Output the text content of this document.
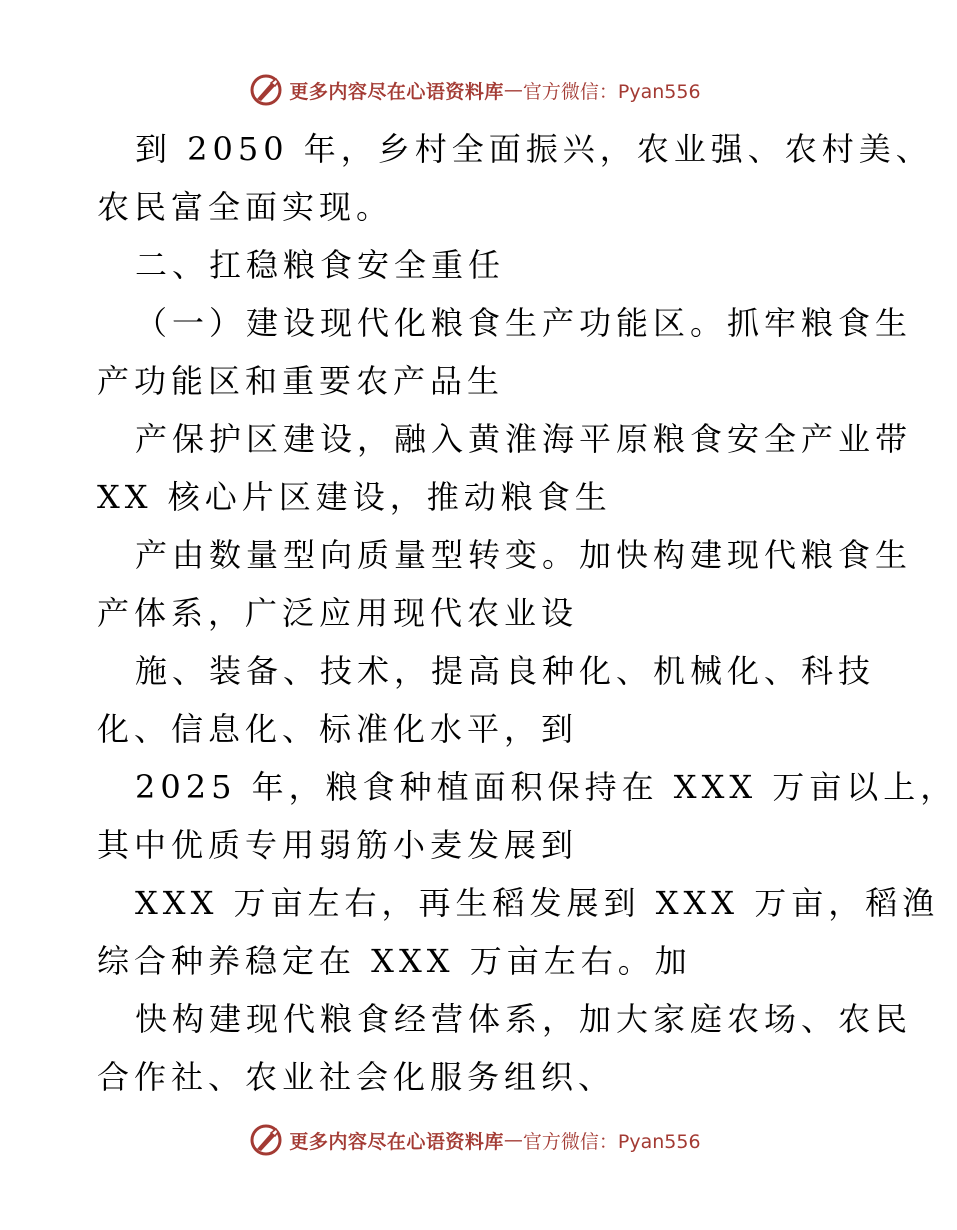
更多内容尽在心语资料库 — 官方微信：Pyan556
到 2050 年，乡村全面振兴，农业强、农村美、
农民富全面实现。
二、扛稳粮食安全重任
（一）建设现代化粮食生产功能区。抓牢粮食生
产功能区和重要农产品生
产保护区建设，融入黄淮海平原粮食安全产业带
XX 核心片区建设，推动粮食生
产由数量型向质量型转变。加快构建现代粮食生
产体系，广泛应用现代农业设
施、装备、技术，提高良种化、机械化、科技
化、信息化、标准化水平，到
2025 年，粮食种植面积保持在 XXX 万亩以上，
其中优质专用弱筋小麦发展到
XXX 万亩左右，再生稻发展到 XXX 万亩，稻渔
综合种养稳定在 XXX 万亩左右。加
快构建现代粮食经营体系，加大家庭农场、农民
合作社、农业社会化服务组织、
更多内容尽在心语资料库 — 官方微信：Pyan556
